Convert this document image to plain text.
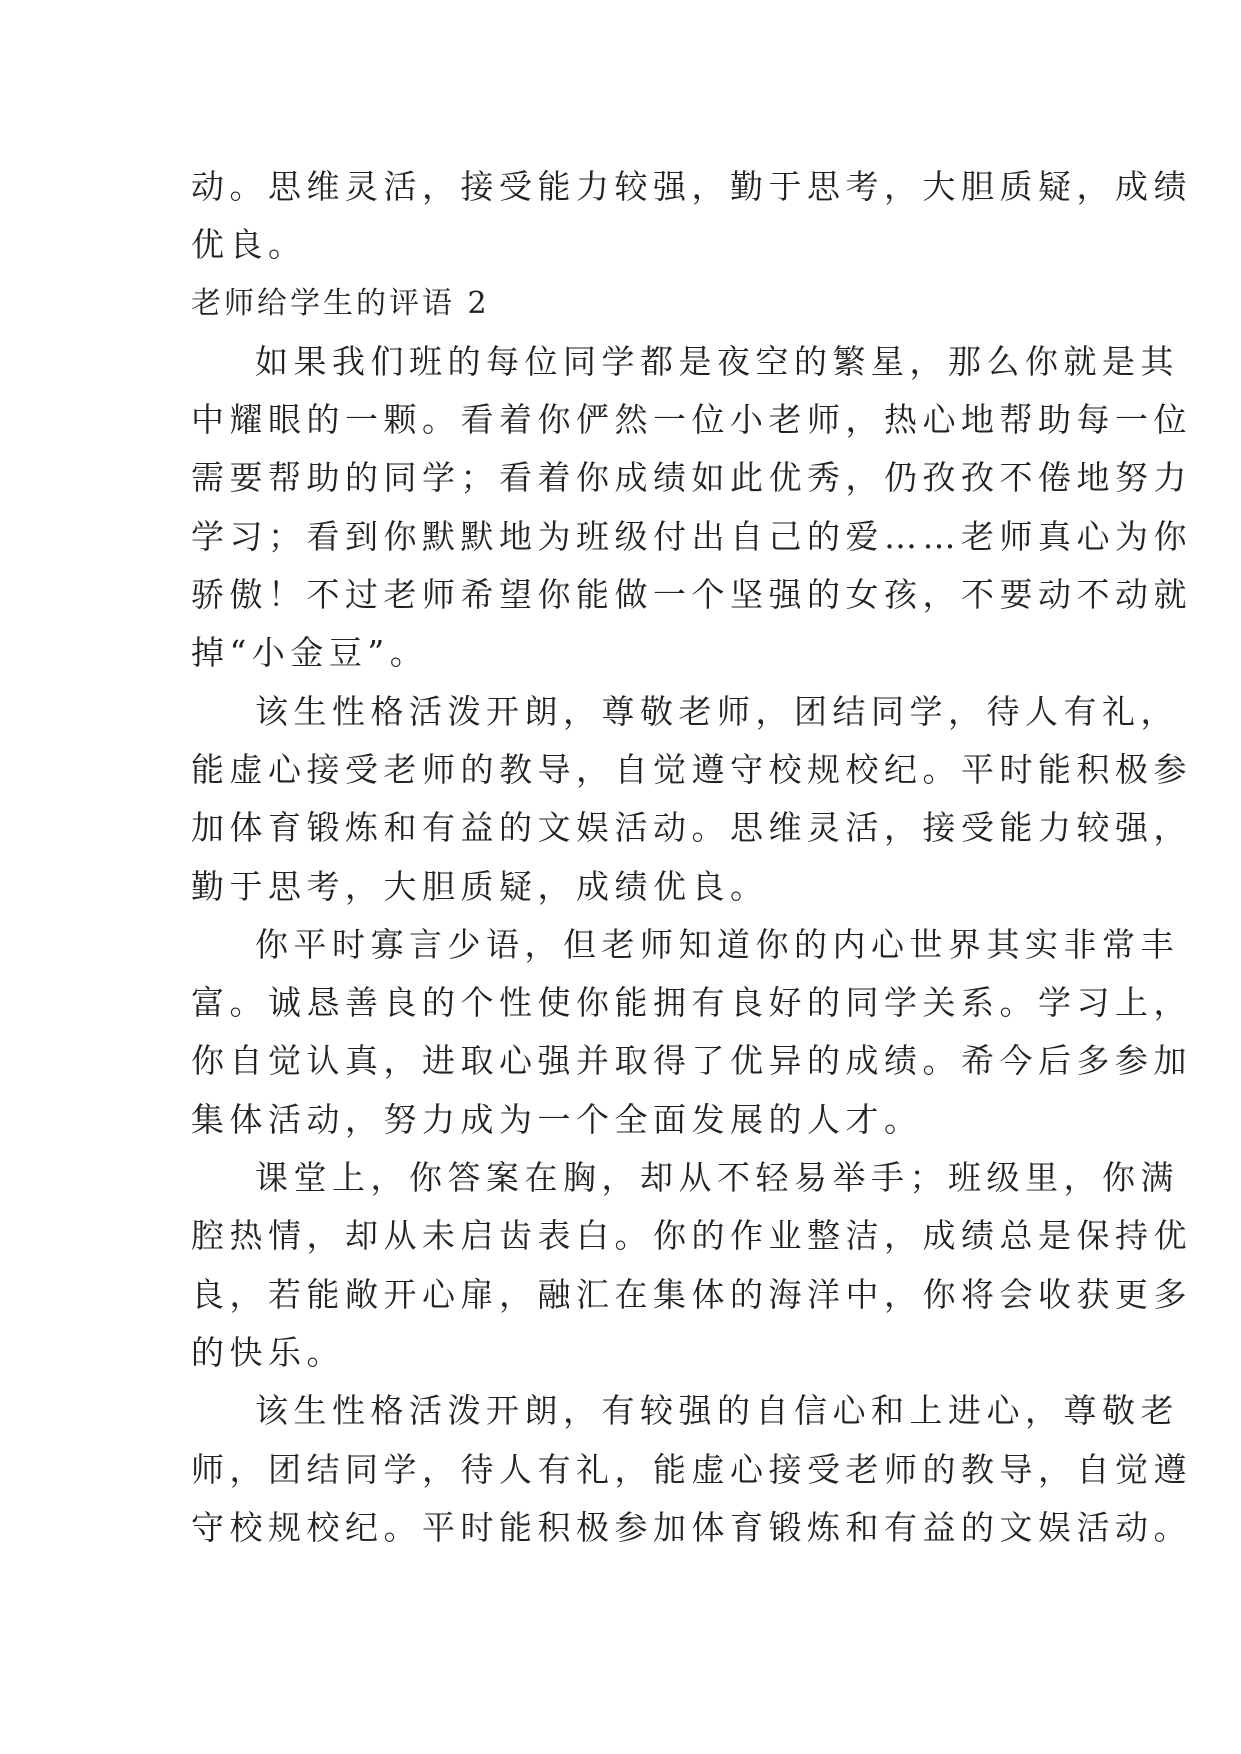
动。思维灵活，接受能力较强，勤于思考，大胆质疑，成绩
优良。
老师给学生的评语 2
如果我们班的每位同学都是夜空的繁星，那么你就是其
中耀眼的一颗。看着你俨然一位小老师，热心地帮助每一位
需要帮助的同学；看着你成绩如此优秀，仍孜孜不倦地努力
学习；看到你默默地为班级付出自己的爱……老师真心为你
骄傲！不过老师希望你能做一个坚强的女孩，不要动不动就
掉“小金豆”。
该生性格活泼开朗，尊敬老师，团结同学，待人有礼，
能虚心接受老师的教导，自觉遵守校规校纪。平时能积极参
加体育锻炼和有益的文娱活动。思维灵活，接受能力较强，
勤于思考，大胆质疑，成绩优良。
你平时寡言少语，但老师知道你的内心世界其实非常丰
富。诚恳善良的个性使你能拥有良好的同学关系。学习上，
你自觉认真，进取心强并取得了优异的成绩。希今后多参加
集体活动，努力成为一个全面发展的人才。
课堂上，你答案在胸，却从不轻易举手；班级里，你满
腔热情，却从未启齿表白。你的作业整洁，成绩总是保持优
良，若能敞开心扉，融汇在集体的海洋中，你将会收获更多
的快乐。
该生性格活泼开朗，有较强的自信心和上进心，尊敬老
师，团结同学，待人有礼，能虚心接受老师的教导，自觉遵
守校规校纪。平时能积极参加体育锻炼和有益的文娱活动。
